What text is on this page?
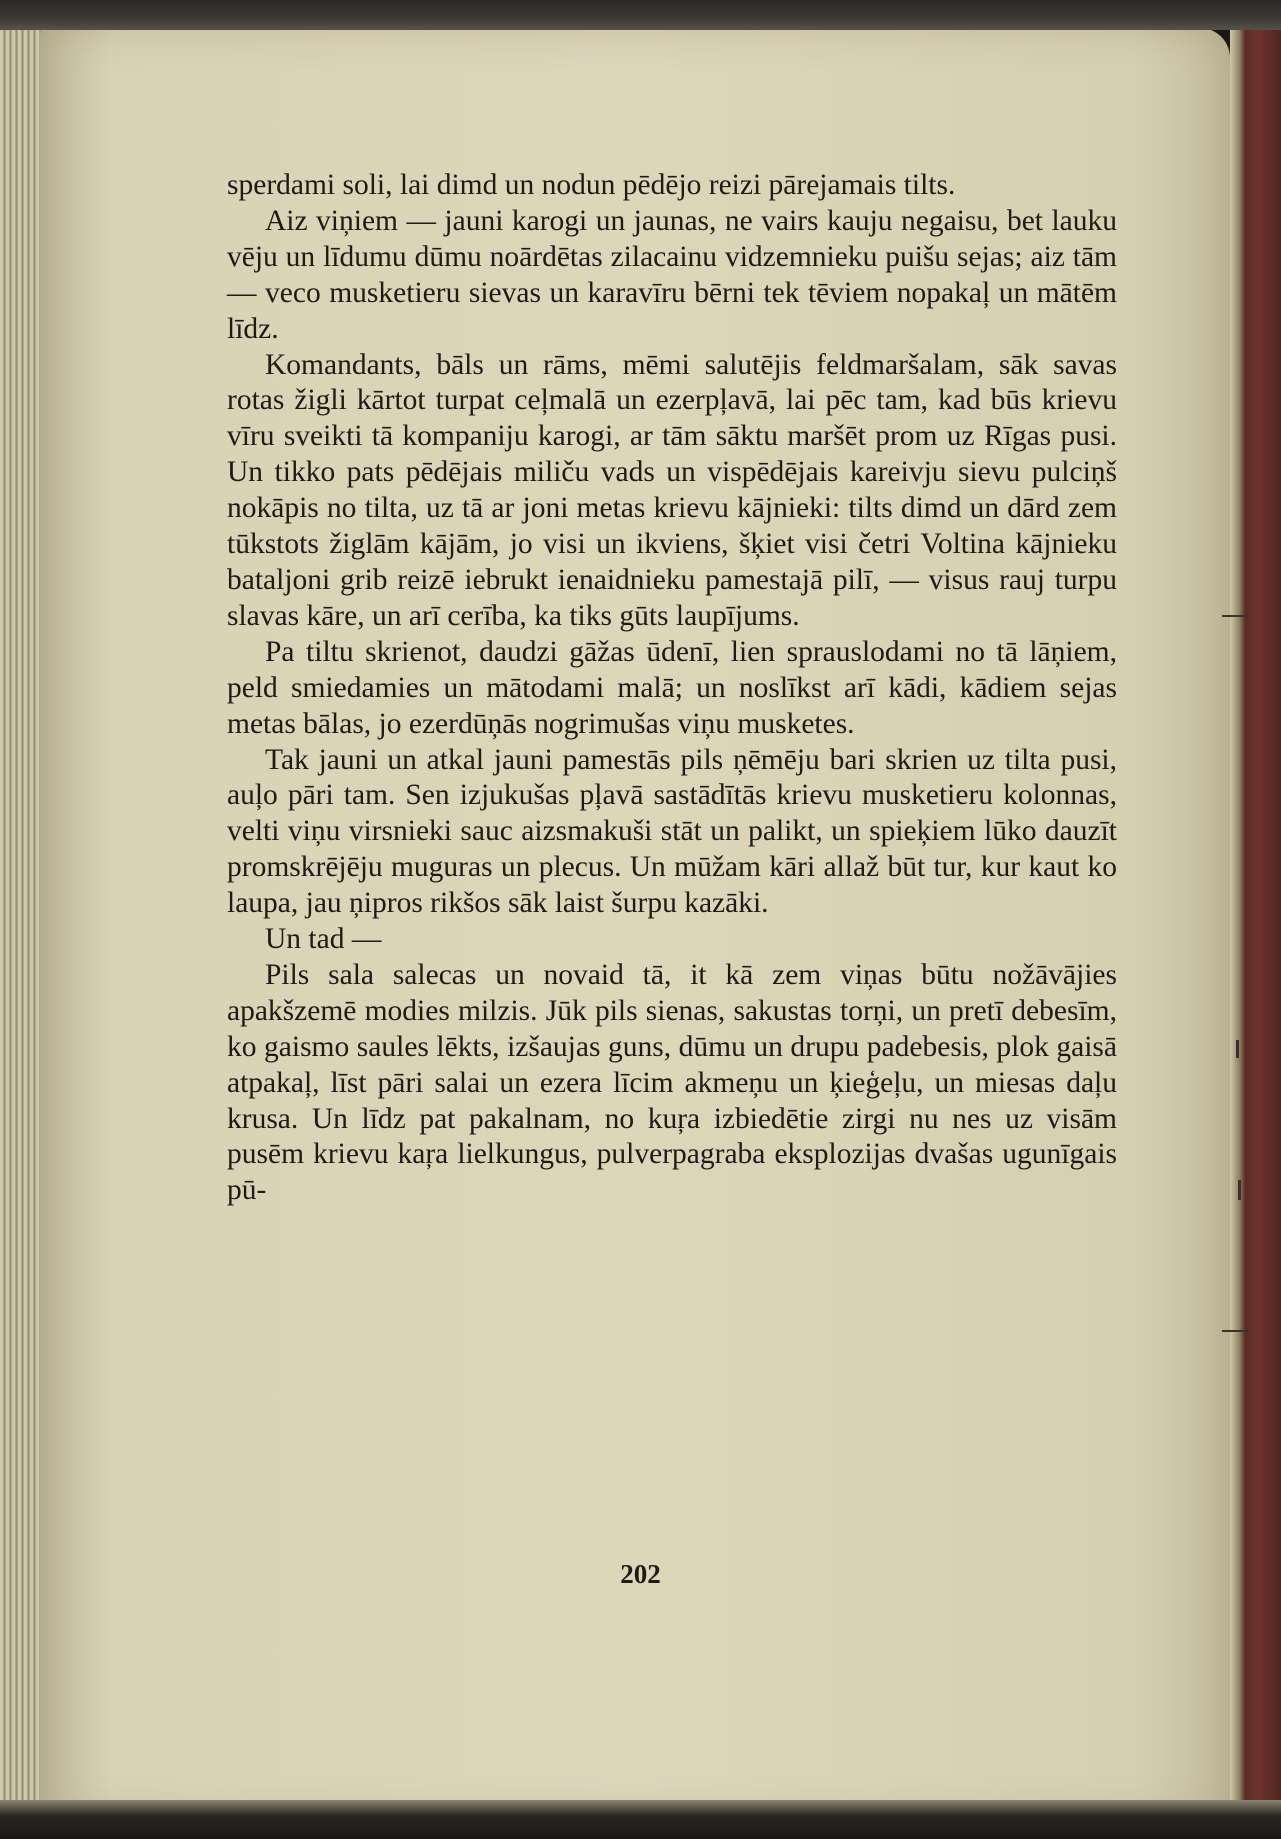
sperdami soli, lai dimd un nodun pēdējo reizi pārejamais tilts.

Aiz viņiem — jauni karogi un jaunas, ne vairs kauju negaisu, bet lauku vēju un līdumu dūmu noārdētas zilacainu vidzemnieku puišu sejas; aiz tām — veco musketieru sievas un karavīru bērni tek tēviem nopakaļ un mātēm līdz.

Komandants, bāls un rāms, mēmi salutējis feldmaršalam, sāk savas rotas žigli kārtot turpat ceļmalā un ezerpļavā, lai pēc tam, kad būs krievu vīru sveikti tā kompaniju karogi, ar tām sāktu maršēt prom uz Rīgas pusi. Un tikko pats pēdējais miliču vads un vispēdējais kareivju sievu pulciņš nokāpis no tilta, uz tā ar joni metas krievu kājnieki: tilts dimd un dārd zem tūkstots žiglām kājām, jo visi un ikviens, šķiet visi četri Voltina kājnieku bataljoni grib reizē iebrukt ienaidnieku pamestajā pilī, — visus rauj turpu slavas kāre, un arī cerība, ka tiks gūts laupījums.

Pa tiltu skrienot, daudzi gāžas ūdenī, lien sprauslodami no tā lāņiem, peld smiedamies un mātodami malā; un noslīkst arī kādi, kādiem sejas metas bālas, jo ezerdūņās nogrimušas viņu musketes.

Tak jauni un atkal jauni pamestās pils ņēmēju bari skrien uz tilta pusi, auļo pāri tam. Sen izjukušas pļavā sastādītās krievu musketieru kolonnas, velti viņu virsnieki sauc aizsmakuši stāt un palikt, un spieķiem lūko dauzīt promskrējēju muguras un plecus. Un mūžam kāri allaž būt tur, kur kaut ko laupa, jau ņipros rikšos sāk laist šurpu kazāki.

Un tad —

Pils sala salecas un novaid tā, it kā zem viņas būtu nožāvājies apakšzemē modies milzis. Jūk pils sienas, sakustas torņi, un pretī debesīm, ko gaismo saules lēkts, izšaujas guns, dūmu un drupu padebesis, plok gaisā atpakaļ, līst pāri salai un ezera līcim akmeņu un ķieģeļu, un miesas daļu krusa. Un līdz pat pakalnam, no kuŗa izbiedētie zirgi nu nes uz visām pusēm krievu kaŗa lielkungus, pulverpagraba eksplozijas dvašas ugunīgais pū-

202
